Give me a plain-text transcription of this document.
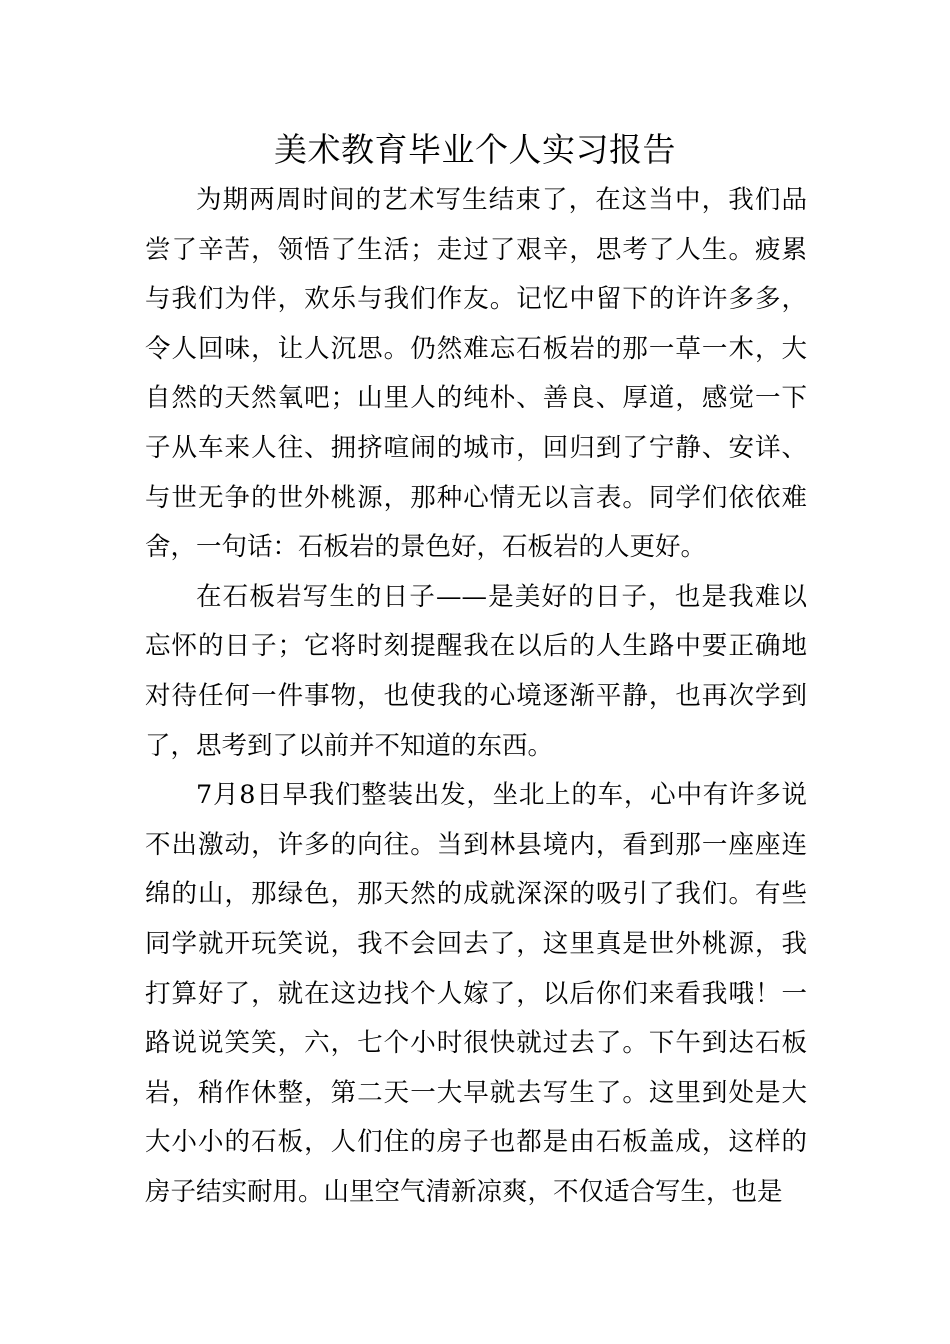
美术教育毕业个人实习报告

为期两周时间的艺术写生结束了，在这当中，我们品尝了辛苦，领悟了生活；走过了艰辛，思考了人生。疲累与我们为伴，欢乐与我们作友。记忆中留下的许许多多，令人回味，让人沉思。仍然难忘石板岩的那一草一木，大自然的天然氧吧；山里人的纯朴、善良、厚道，感觉一下子从车来人往、拥挤喧闹的城市，回归到了宁静、安详、与世无争的世外桃源，那种心情无以言表。同学们依依难舍，一句话：石板岩的景色好，石板岩的人更好。

在石板岩写生的日子——是美好的日子，也是我难以忘怀的日子；它将时刻提醒我在以后的人生路中要正确地对待任何一件事物，也使我的心境逐渐平静，也再次学到了，思考到了以前并不知道的东西。

7月8日早我们整装出发，坐北上的车，心中有许多说不出激动，许多的向往。当到林县境内，看到那一座座连绵的山，那绿色，那天然的成就深深的吸引了我们。有些同学就开玩笑说，我不会回去了，这里真是世外桃源，我打算好了，就在这边找个人嫁了，以后你们来看我哦！一路说说笑笑，六，七个小时很快就过去了。下午到达石板岩，稍作休整，第二天一大早就去写生了。这里到处是大大小小的石板，人们住的房子也都是由石板盖成，这样的房子结实耐用。山里空气清新凉爽，不仅适合写生，也是
